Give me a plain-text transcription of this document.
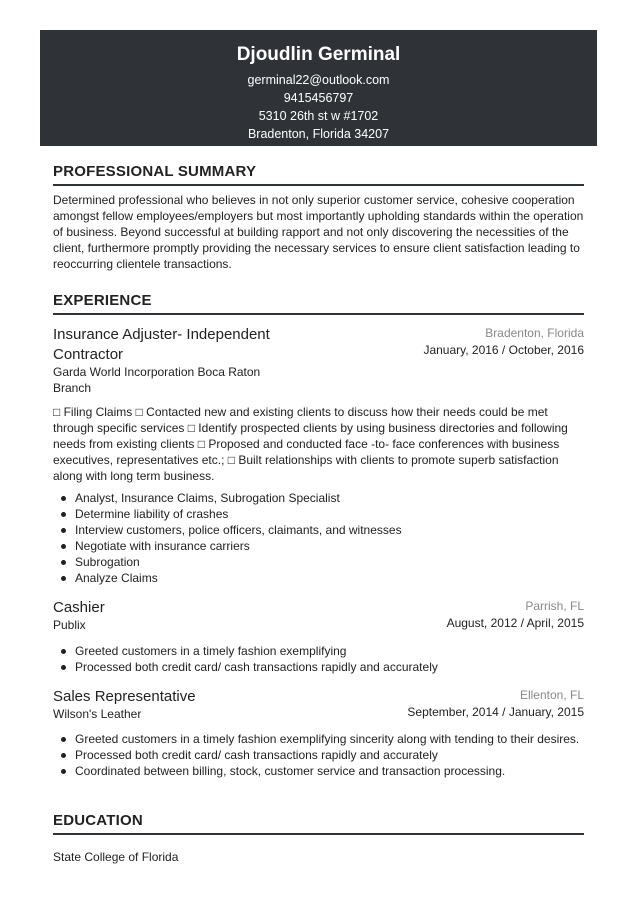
Djoudlin Germinal
germinal22@outlook.com
9415456797
5310 26th st w #1702
Bradenton, Florida 34207
PROFESSIONAL SUMMARY

Determined professional who believes in not only superior customer service, cohesive cooperation amongst fellow employees/employers but most importantly upholding standards within the operation of business. Beyond successful at building rapport and not only discovering the necessities of the client, furthermore promptly providing the necessary services to ensure client satisfaction leading to reoccurring clientele transactions.

EXPERIENCE
Insurance Adjuster- Independent Contractor
Garda World Incorporation Boca Raton Branch
Bradenton, Florida
January, 2016 / October, 2016

□ Filing Claims □ Contacted new and existing clients to discuss how their needs could be met through specific services □ Identify prospected clients by using business directories and following needs from existing clients □ Proposed and conducted face -to- face conferences with business executives, representatives etc.; □ Built relationships with clients to promote superb satisfaction along with long term business.

Analyst, Insurance Claims, Subrogation Specialist
Determine liability of crashes
Interview customers, police officers, claimants, and witnesses
Negotiate with insurance carriers
Subrogation
Analyze Claims
Cashier
Publix
Parrish, FL
August, 2012 / April, 2015
Greeted customers in a timely fashion exemplifying
Processed both credit card/ cash transactions rapidly and accurately
Sales Representative
Wilson's Leather
Ellenton, FL
September, 2014 / January, 2015
Greeted customers in a timely fashion exemplifying sincerity along with tending to their desires.
Processed both credit card/ cash transactions rapidly and accurately
Coordinated between billing, stock, customer service and transaction processing.
EDUCATION
State College of Florida
